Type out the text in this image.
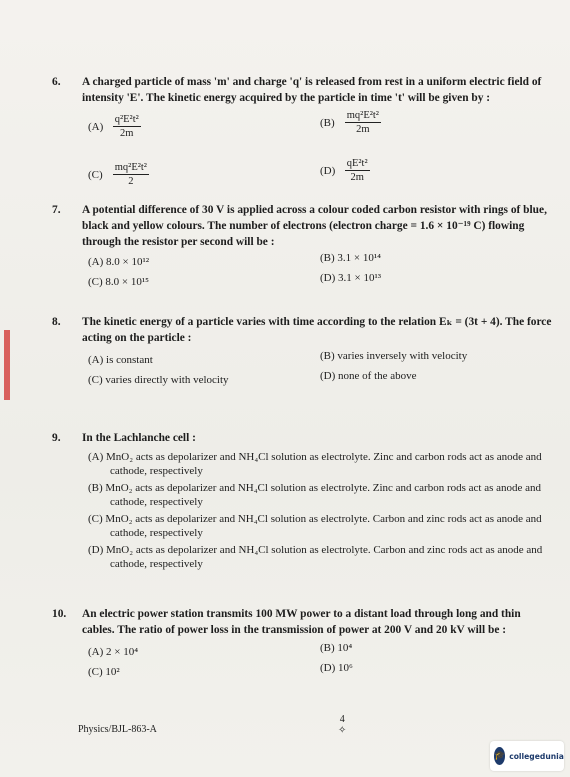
6. A charged particle of mass 'm' and charge 'q' is released from rest in a uniform electric field of intensity 'E'. The kinetic energy acquired by the particle in time 't' will be given by :
$(A) \frac{\text{q²E²t²}}{2m}$	$(B) \frac{\text{mq²E²t²}}{2m}$
$(C) \frac{\text{mq²E²t²}}{2}$	$(D) \frac{\text{qE²t²}}{2m}$
7. A potential difference of 30 V is applied across a colour coded carbon resistor with rings of blue, black and yellow colours. The number of electrons (electron charge = 1.6 × 10⁻¹⁹ C) flowing through the resistor per second will be :
(A) 8.0 × 10¹²	(B) 3.1 × 10¹⁴
(C) 8.0 × 10¹⁵	(D) 3.1 × 10¹³
8. The kinetic energy of a particle varies with time according to the relation Eₖ = (3t + 4). The force acting on the particle :
(A) is constant	(B) varies inversely with velocity
(C) varies directly with velocity	(D) none of the above
9. In the Lachlanche cell :
(A) MnO₂ acts as depolarizer and NH₄Cl solution as electrolyte. Zinc and carbon rods act as anode and cathode, respectively
(B) MnO₂ acts as depolarizer and NH₄Cl solution as electrolyte. Zinc and carbon rods act as anode and cathode, respectively
(C) MnO₂ acts as depolarizer and NH₄Cl solution as electrolyte. Carbon and zinc rods act as anode and cathode, respectively
(D) MnO₂ acts as depolarizer and NH₄Cl solution as electrolyte. Carbon and zinc rods act as anode and cathode, respectively
10. An electric power station transmits 100 MW power to a distant load through long and thin cables. The ratio of power loss in the transmission of power at 200 V and 20 kV will be :
(A) 2 × 10⁴	(B) 10⁴
(C) 10²	(D) 10⁶
Physics/BJL-863-A
4
✧
🎓 collegedunia
